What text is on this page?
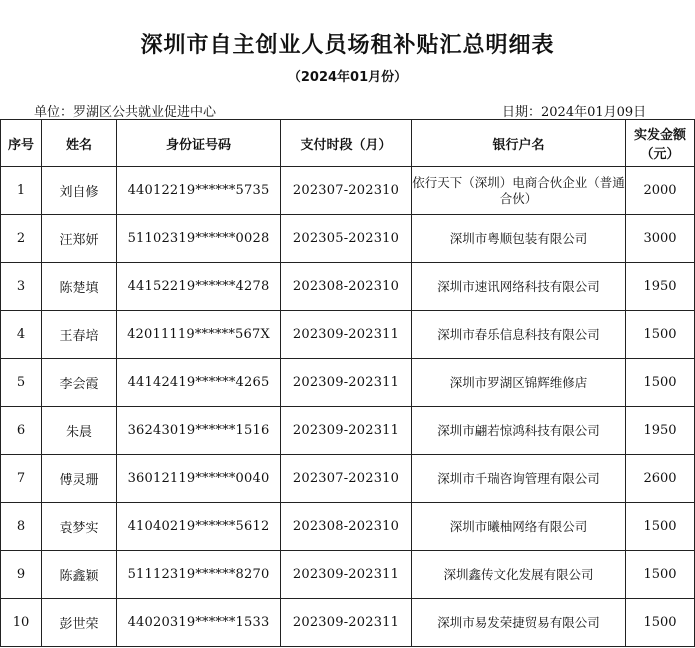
深圳市自主创业人员场租补贴汇总明细表
（2024年01月份）
单位：罗湖区公共就业促进中心	日期：2024年01月09日
序号	姓名	身份证号码	支付时段（月）	银行户名	实发金额
（元）

1	刘自修	44012219******5735	202307-202310	依行天下（深圳）电商合伙企业（普通合伙）	2000
2	汪郑妍	51102319******0028	202305-202310	深圳市粤顺包装有限公司	3000
3	陈楚填	44152219******4278	202308-202310	深圳市速讯网络科技有限公司	1950
4	王春培	42011119******567X	202309-202311	深圳市春乐信息科技有限公司	1500
5	李会霞	44142419******4265	202309-202311	深圳市罗湖区锦辉维修店	1500
6	朱晨	36243019******1516	202309-202311	深圳市翩若惊鸿科技有限公司	1950
7	傅灵珊	36012119******0040	202307-202310	深圳市千瑞咨询管理有限公司	2600
8	袁梦实	41040219******5612	202308-202310	深圳市曦柚网络有限公司	1500
9	陈鑫颖	51112319******8270	202309-202311	深圳鑫传文化发展有限公司	1500
10	彭世荣	44020319******1533	202309-202311	深圳市易发荣捷贸易有限公司	1500
